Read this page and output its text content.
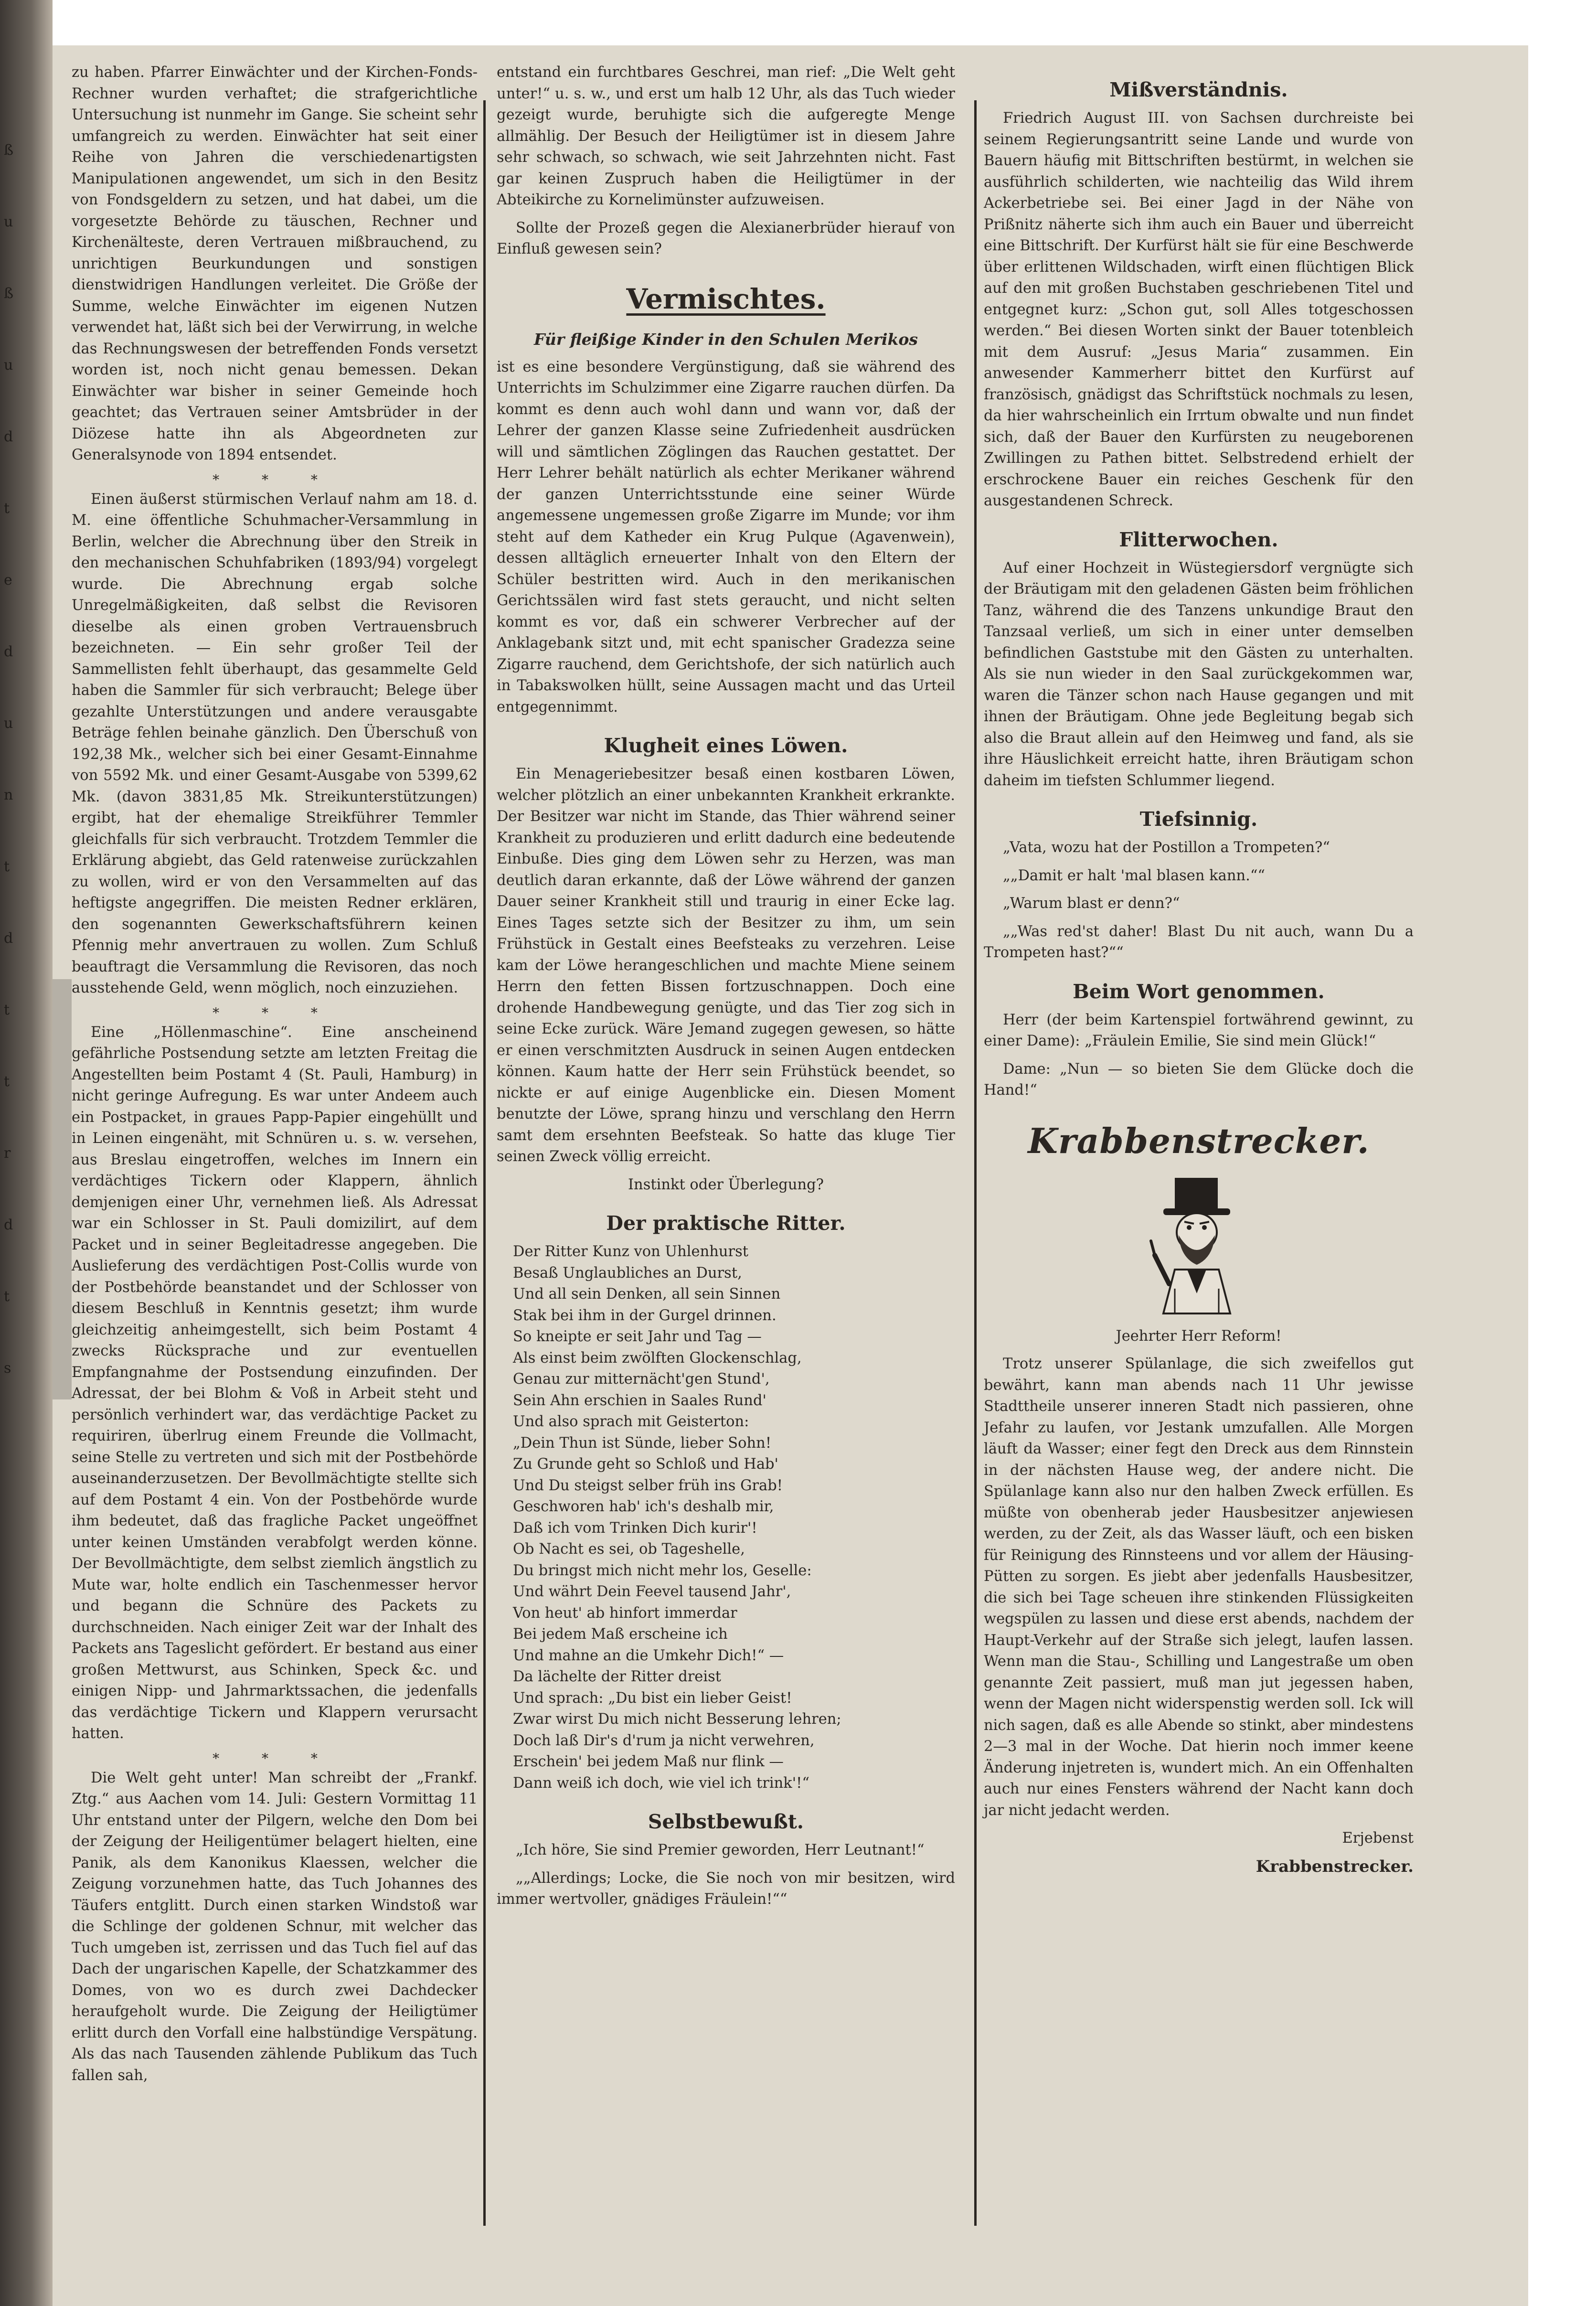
ß
u
ß
u
d
t
e
d
u
n
t
d
t
t
r
d
t
s

zu haben. Pfarrer Einwächter und der Kirchen-Fonds-Rechner wurden verhaftet; die strafgerichtliche Untersuchung ist nunmehr im Gange. Sie scheint sehr umfangreich zu werden. Einwächter hat seit einer Reihe von Jahren die verschiedenartigsten Manipulationen angewendet, um sich in den Besitz von Fondsgeldern zu setzen, und hat dabei, um die vorgesetzte Behörde zu täuschen, Rechner und Kirchenälteste, deren Vertrauen mißbrauchend, zu unrichtigen Beurkundungen und sonstigen dienstwidrigen Handlungen verleitet. Die Größe der Summe, welche Einwächter im eigenen Nutzen verwendet hat, läßt sich bei der Verwirrung, in welche das Rechnungswesen der betreffenden Fonds versetzt worden ist, noch nicht genau bemessen. Dekan Einwächter war bisher in seiner Gemeinde hoch geachtet; das Vertrauen seiner Amtsbrüder in der Diözese hatte ihn als Abgeordneten zur Generalsynode von 1894 entsendet.

* * *

Einen äußerst stürmischen Verlauf nahm am 18. d. M. eine öffentliche Schuhmacher-Versammlung in Berlin, welcher die Abrechnung über den Streik in den mechanischen Schuhfabriken (1893/94) vorgelegt wurde. Die Abrechnung ergab solche Unregelmäßigkeiten, daß selbst die Revisoren dieselbe als einen groben Vertrauensbruch bezeichneten. — Ein sehr großer Teil der Sammellisten fehlt überhaupt, das gesammelte Geld haben die Sammler für sich verbraucht; Belege über gezahlte Unterstützungen und andere verausgabte Beträge fehlen beinahe gänzlich. Den Überschuß von 192,38 Mk., welcher sich bei einer Gesamt-Einnahme von 5592 Mk. und einer Gesamt-Ausgabe von 5399,62 Mk. (davon 3831,85 Mk. Streikunterstützungen) ergibt, hat der ehemalige Streikführer Temmler gleichfalls für sich verbraucht. Trotzdem Temmler die Erklärung abgiebt, das Geld ratenweise zurückzahlen zu wollen, wird er von den Versammelten auf das heftigste angegriffen. Die meisten Redner erklären, den sogenannten Gewerkschaftsführern keinen Pfennig mehr anvertrauen zu wollen. Zum Schluß beauftragt die Versammlung die Revisoren, das noch ausstehende Geld, wenn möglich, noch einzuziehen.

* * *

Eine „Höllenmaschine“. Eine anscheinend gefährliche Postsendung setzte am letzten Freitag die Angestellten beim Postamt 4 (St. Pauli, Hamburg) in nicht geringe Aufregung. Es war unter Andeem auch ein Postpacket, in graues Papp-Papier eingehüllt und in Leinen eingenäht, mit Schnüren u. s. w. versehen, aus Breslau eingetroffen, welches im Innern ein verdächtiges Tickern oder Klappern, ähnlich demjenigen einer Uhr, vernehmen ließ. Als Adressat war ein Schlosser in St. Pauli domizilirt, auf dem Packet und in seiner Begleitadresse angegeben. Die Auslieferung des verdächtigen Post-Collis wurde von der Postbehörde beanstandet und der Schlosser von diesem Beschluß in Kenntnis gesetzt; ihm wurde gleichzeitig anheimgestellt, sich beim Postamt 4 zwecks Rücksprache und zur eventuellen Empfangnahme der Postsendung einzufinden. Der Adressat, der bei Blohm & Voß in Arbeit steht und persönlich verhindert war, das verdächtige Packet zu requiriren, überlrug einem Freunde die Vollmacht, seine Stelle zu vertreten und sich mit der Postbehörde auseinanderzusetzen. Der Bevollmächtigte stellte sich auf dem Postamt 4 ein. Von der Postbehörde wurde ihm bedeutet, daß das fragliche Packet ungeöffnet unter keinen Umständen verabfolgt werden könne. Der Bevollmächtigte, dem selbst ziemlich ängstlich zu Mute war, holte endlich ein Taschenmesser hervor und begann die Schnüre des Packets zu durchschneiden. Nach einiger Zeit war der Inhalt des Packets ans Tageslicht gefördert. Er bestand aus einer großen Mettwurst, aus Schinken, Speck &c. und einigen Nipp- und Jahrmarktssachen, die jedenfalls das verdächtige Tickern und Klappern verursacht hatten.

* * *

Die Welt geht unter! Man schreibt der „Frankf. Ztg.“ aus Aachen vom 14. Juli: Gestern Vormittag 11 Uhr entstand unter der Pilgern, welche den Dom bei der Zeigung der Heiligentümer belagert hielten, eine Panik, als dem Kanonikus Klaessen, welcher die Zeigung vorzunehmen hatte, das Tuch Johannes des Täufers entglitt. Durch einen starken Windstoß war die Schlinge der goldenen Schnur, mit welcher das Tuch umgeben ist, zerrissen und das Tuch fiel auf das Dach der ungarischen Kapelle, der Schatzkammer des Domes, von wo es durch zwei Dachdecker heraufgeholt wurde. Die Zeigung der Heiligtümer erlitt durch den Vorfall eine halbstündige Verspätung. Als das nach Tausenden zählende Publikum das Tuch fallen sah,

entstand ein furchtbares Geschrei, man rief: „Die Welt geht unter!“ u. s. w., und erst um halb 12 Uhr, als das Tuch wieder gezeigt wurde, beruhigte sich die aufgeregte Menge allmählig. Der Besuch der Heiligtümer ist in diesem Jahre sehr schwach, so schwach, wie seit Jahrzehnten nicht. Fast gar keinen Zuspruch haben die Heiligtümer in der Abteikirche zu Kornelimünster aufzuweisen.

Sollte der Prozeß gegen die Alexianerbrüder hierauf von Einfluß gewesen sein?

Vermischtes.
Für fleißige Kinder in den Schulen Merikos

ist es eine besondere Vergünstigung, daß sie während des Unterrichts im Schulzimmer eine Zigarre rauchen dürfen. Da kommt es denn auch wohl dann und wann vor, daß der Lehrer der ganzen Klasse seine Zufriedenheit ausdrücken will und sämtlichen Zöglingen das Rauchen gestattet. Der Herr Lehrer behält natürlich als echter Merikaner während der ganzen Unterrichtsstunde eine seiner Würde angemessene ungemessen große Zigarre im Munde; vor ihm steht auf dem Katheder ein Krug Pulque (Agavenwein), dessen alltäglich erneuerter Inhalt von den Eltern der Schüler bestritten wird. Auch in den merikanischen Gerichtssälen wird fast stets geraucht, und nicht selten kommt es vor, daß ein schwerer Verbrecher auf der Anklagebank sitzt und, mit echt spanischer Gradezza seine Zigarre rauchend, dem Gerichtshofe, der sich natürlich auch in Tabakswolken hüllt, seine Aussagen macht und das Urteil entgegennimmt.

Klugheit eines Löwen.

Ein Menageriebesitzer besaß einen kostbaren Löwen, welcher plötzlich an einer unbekannten Krankheit erkrankte. Der Besitzer war nicht im Stande, das Thier während seiner Krankheit zu produzieren und erlitt dadurch eine bedeutende Einbuße. Dies ging dem Löwen sehr zu Herzen, was man deutlich daran erkannte, daß der Löwe während der ganzen Dauer seiner Krankheit still und traurig in einer Ecke lag. Eines Tages setzte sich der Besitzer zu ihm, um sein Frühstück in Gestalt eines Beefsteaks zu verzehren. Leise kam der Löwe herangeschlichen und machte Miene seinem Herrn den fetten Bissen fortzuschnappen. Doch eine drohende Handbewegung genügte, und das Tier zog sich in seine Ecke zurück. Wäre Jemand zugegen gewesen, so hätte er einen verschmitzten Ausdruck in seinen Augen entdecken können. Kaum hatte der Herr sein Frühstück beendet, so nickte er auf einige Augenblicke ein. Diesen Moment benutzte der Löwe, sprang hinzu und verschlang den Herrn samt dem ersehnten Beefsteak. So hatte das kluge Tier seinen Zweck völlig erreicht.

Instinkt oder Überlegung?

Der praktische Ritter.

Der Ritter Kunz von Uhlenhurst

Besaß Unglaubliches an Durst,

Und all sein Denken, all sein Sinnen

Stak bei ihm in der Gurgel drinnen.

So kneipte er seit Jahr und Tag —

Als einst beim zwölften Glockenschlag,

Genau zur mitternächt'gen Stund',

Sein Ahn erschien in Saales Rund'

Und also sprach mit Geisterton:

„Dein Thun ist Sünde, lieber Sohn!

Zu Grunde geht so Schloß und Hab'

Und Du steigst selber früh ins Grab!

Geschworen hab' ich's deshalb mir,

Daß ich vom Trinken Dich kurir'!

Ob Nacht es sei, ob Tageshelle,

Du bringst mich nicht mehr los, Geselle:

Und währt Dein Feevel tausend Jahr',

Von heut' ab hinfort immerdar

Bei jedem Maß erscheine ich

Und mahne an die Umkehr Dich!“ —

Da lächelte der Ritter dreist

Und sprach: „Du bist ein lieber Geist!

Zwar wirst Du mich nicht Besserung lehren;

Doch laß Dir's d'rum ja nicht verwehren,

Erschein' bei jedem Maß nur flink —

Dann weiß ich doch, wie viel ich trink'!“

Selbstbewußt.

„Ich höre, Sie sind Premier geworden, Herr Leutnant!“

„„Allerdings; Locke, die Sie noch von mir besitzen, wird immer wertvoller, gnädiges Fräulein!““

Mißverständnis.

Friedrich August III. von Sachsen durchreiste bei seinem Regierungsantritt seine Lande und wurde von Bauern häufig mit Bittschriften bestürmt, in welchen sie ausführlich schilderten, wie nachteilig das Wild ihrem Ackerbetriebe sei. Bei einer Jagd in der Nähe von Prißnitz näherte sich ihm auch ein Bauer und überreicht eine Bittschrift. Der Kurfürst hält sie für eine Beschwerde über erlittenen Wildschaden, wirft einen flüchtigen Blick auf den mit großen Buchstaben geschriebenen Titel und entgegnet kurz: „Schon gut, soll Alles totgeschossen werden.“ Bei diesen Worten sinkt der Bauer totenbleich mit dem Ausruf: „Jesus Maria“ zusammen. Ein anwesender Kammerherr bittet den Kurfürst auf französisch, gnädigst das Schriftstück nochmals zu lesen, da hier wahrscheinlich ein Irrtum obwalte und nun findet sich, daß der Bauer den Kurfürsten zu neugeborenen Zwillingen zu Pathen bittet. Selbstredend erhielt der erschrockene Bauer ein reiches Geschenk für den ausgestandenen Schreck.

Flitterwochen.

Auf einer Hochzeit in Wüstegiersdorf vergnügte sich der Bräutigam mit den geladenen Gästen beim fröhlichen Tanz, während die des Tanzens unkundige Braut den Tanzsaal verließ, um sich in einer unter demselben befindlichen Gaststube mit den Gästen zu unterhalten. Als sie nun wieder in den Saal zurückgekommen war, waren die Tänzer schon nach Hause gegangen und mit ihnen der Bräutigam. Ohne jede Begleitung begab sich also die Braut allein auf den Heimweg und fand, als sie ihre Häuslichkeit erreicht hatte, ihren Bräutigam schon daheim im tiefsten Schlummer liegend.

Tiefsinnig.

„Vata, wozu hat der Postillon a Trompeten?“

„„Damit er halt 'mal blasen kann.““

„Warum blast er denn?“

„„Was red'st daher! Blast Du nit auch, wann Du a Trompeten hast?““

Beim Wort genommen.

Herr (der beim Kartenspiel fortwährend gewinnt, zu einer Dame): „Fräulein Emilie, Sie sind mein Glück!“

Dame: „Nun — so bieten Sie dem Glücke doch die Hand!“

Krabbenstrecker.

Jeehrter Herr Reform!

Trotz unserer Spülanlage, die sich zweifellos gut bewährt, kann man abends nach 11 Uhr jewisse Stadttheile unserer inneren Stadt nich passieren, ohne Jefahr zu laufen, vor Jestank umzufallen. Alle Morgen läuft da Wasser; einer fegt den Dreck aus dem Rinnstein in der nächsten Hause weg, der andere nicht. Die Spülanlage kann also nur den halben Zweck erfüllen. Es müßte von obenherab jeder Hausbesitzer anjewiesen werden, zu der Zeit, als das Wasser läuft, och een bisken für Reinigung des Rinnsteens und vor allem der Häusing-Pütten zu sorgen. Es jiebt aber jedenfalls Hausbesitzer, die sich bei Tage scheuen ihre stinkenden Flüssigkeiten wegspülen zu lassen und diese erst abends, nachdem der Haupt-Verkehr auf der Straße sich jelegt, laufen lassen. Wenn man die Stau-, Schilling und Langestraße um oben genannte Zeit passiert, muß man jut jegessen haben, wenn der Magen nicht widerspenstig werden soll. Ick will nich sagen, daß es alle Abende so stinkt, aber mindestens 2—3 mal in der Woche. Dat hierin noch immer keene Änderung injetreten is, wundert mich. An ein Offenhalten auch nur eines Fensters während der Nacht kann doch jar nicht jedacht werden.

Erjebenst

Krabbenstrecker.
